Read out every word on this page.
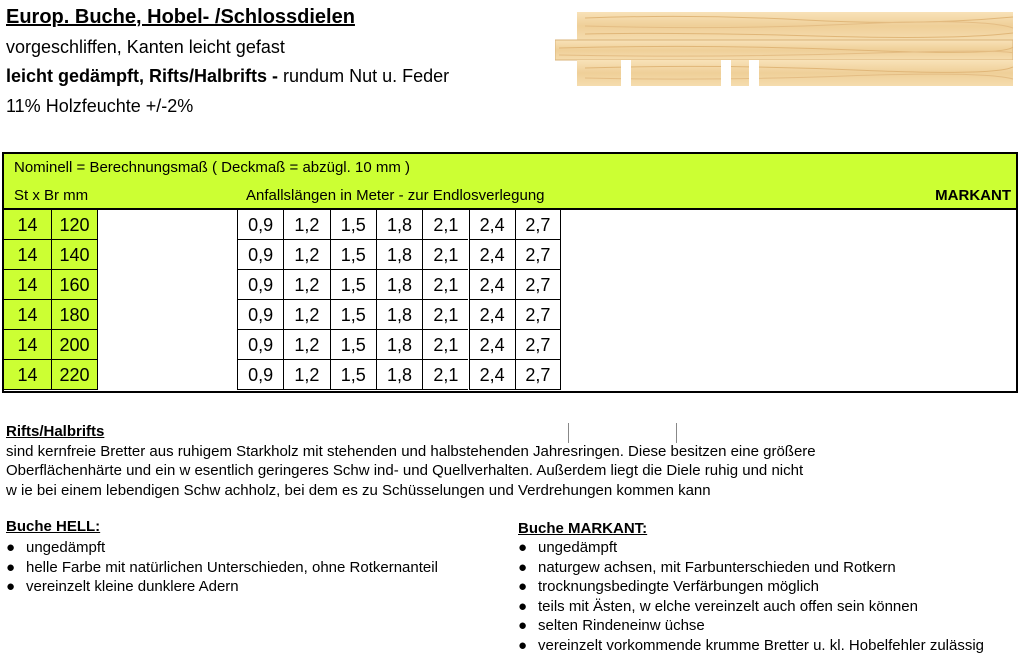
Europ. Buche, Hobel- /Schlossdielen
vorgeschliffen, Kanten leicht gefast
leicht gedämpft, Rifts/Halbrifts - rundum Nut u. Feder
11% Holzfeuchte +/-2%
Nominell = Berechnungsmaß ( Deckmaß = abzügl. 10 mm )
St x Br mm	Anfallslängen in Meter - zur Endlosverlegung	MARKANT
14	120	0,9	1,2	1,5	1,8	2,1	2,4	2,7
14	140	0,9	1,2	1,5	1,8	2,1	2,4	2,7
14	160	0,9	1,2	1,5	1,8	2,1	2,4	2,7
14	180	0,9	1,2	1,5	1,8	2,1	2,4	2,7
14	200	0,9	1,2	1,5	1,8	2,1	2,4	2,7
14	220	0,9	1,2	1,5	1,8	2,1	2,4	2,7
Rifts/Halbrifts
sind kernfreie Bretter aus ruhigem Starkholz mit stehenden und halbstehenden Jahresringen. Diese besitzen eine größere
Oberflächenhärte und ein w esentlich geringeres Schw ind- und Quellverhalten. Außerdem liegt die Diele ruhig und nicht
w ie bei einem lebendigen Schw achholz, bei dem es zu Schüsselungen und Verdrehungen kommen kann
Buche HELL:
● ungedämpft
● helle Farbe mit natürlichen Unterschieden, ohne Rotkernanteil
● vereinzelt kleine dunklere Adern
Buche MARKANT:
● ungedämpft
● naturgew achsen, mit Farbunterschieden und Rotkern
● trocknungsbedingte Verfärbungen möglich
● teils mit Ästen, w elche vereinzelt auch offen sein können
● selten Rindeneinw üchse
● vereinzelt vorkommende krumme Bretter u. kl. Hobelfehler zulässig
